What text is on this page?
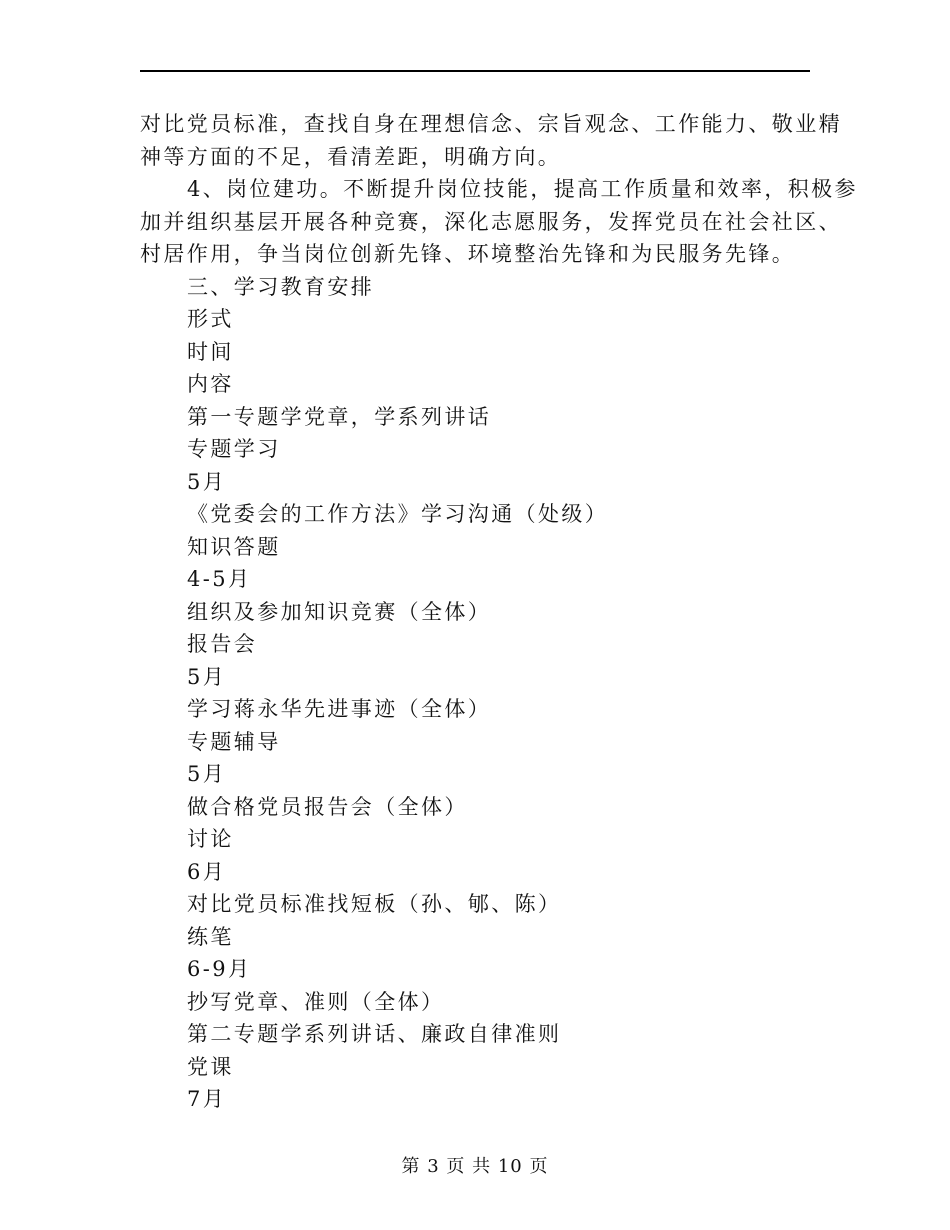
对比党员标准，查找自身在理想信念、宗旨观念、工作能力、敬业精

神等方面的不足，看清差距，明确方向。

4、岗位建功。不断提升岗位技能，提高工作质量和效率，积极参

加并组织基层开展各种竞赛，深化志愿服务，发挥党员在社会社区、

村居作用，争当岗位创新先锋、环境整治先锋和为民服务先锋。

三、学习教育安排

形式

时间

内容

第一专题学党章，学系列讲话

专题学习

5月

《党委会的工作方法》学习沟通（处级）

知识答题

4-5月

组织及参加知识竞赛（全体）

报告会

5月

学习蒋永华先进事迹（全体）

专题辅导

5月

做合格党员报告会（全体）

讨论

6月

对比党员标准找短板（孙、郇、陈）

练笔

6-9月

抄写党章、准则（全体）

第二专题学系列讲话、廉政自律准则

党课

7月

第 3 页 共 10 页
